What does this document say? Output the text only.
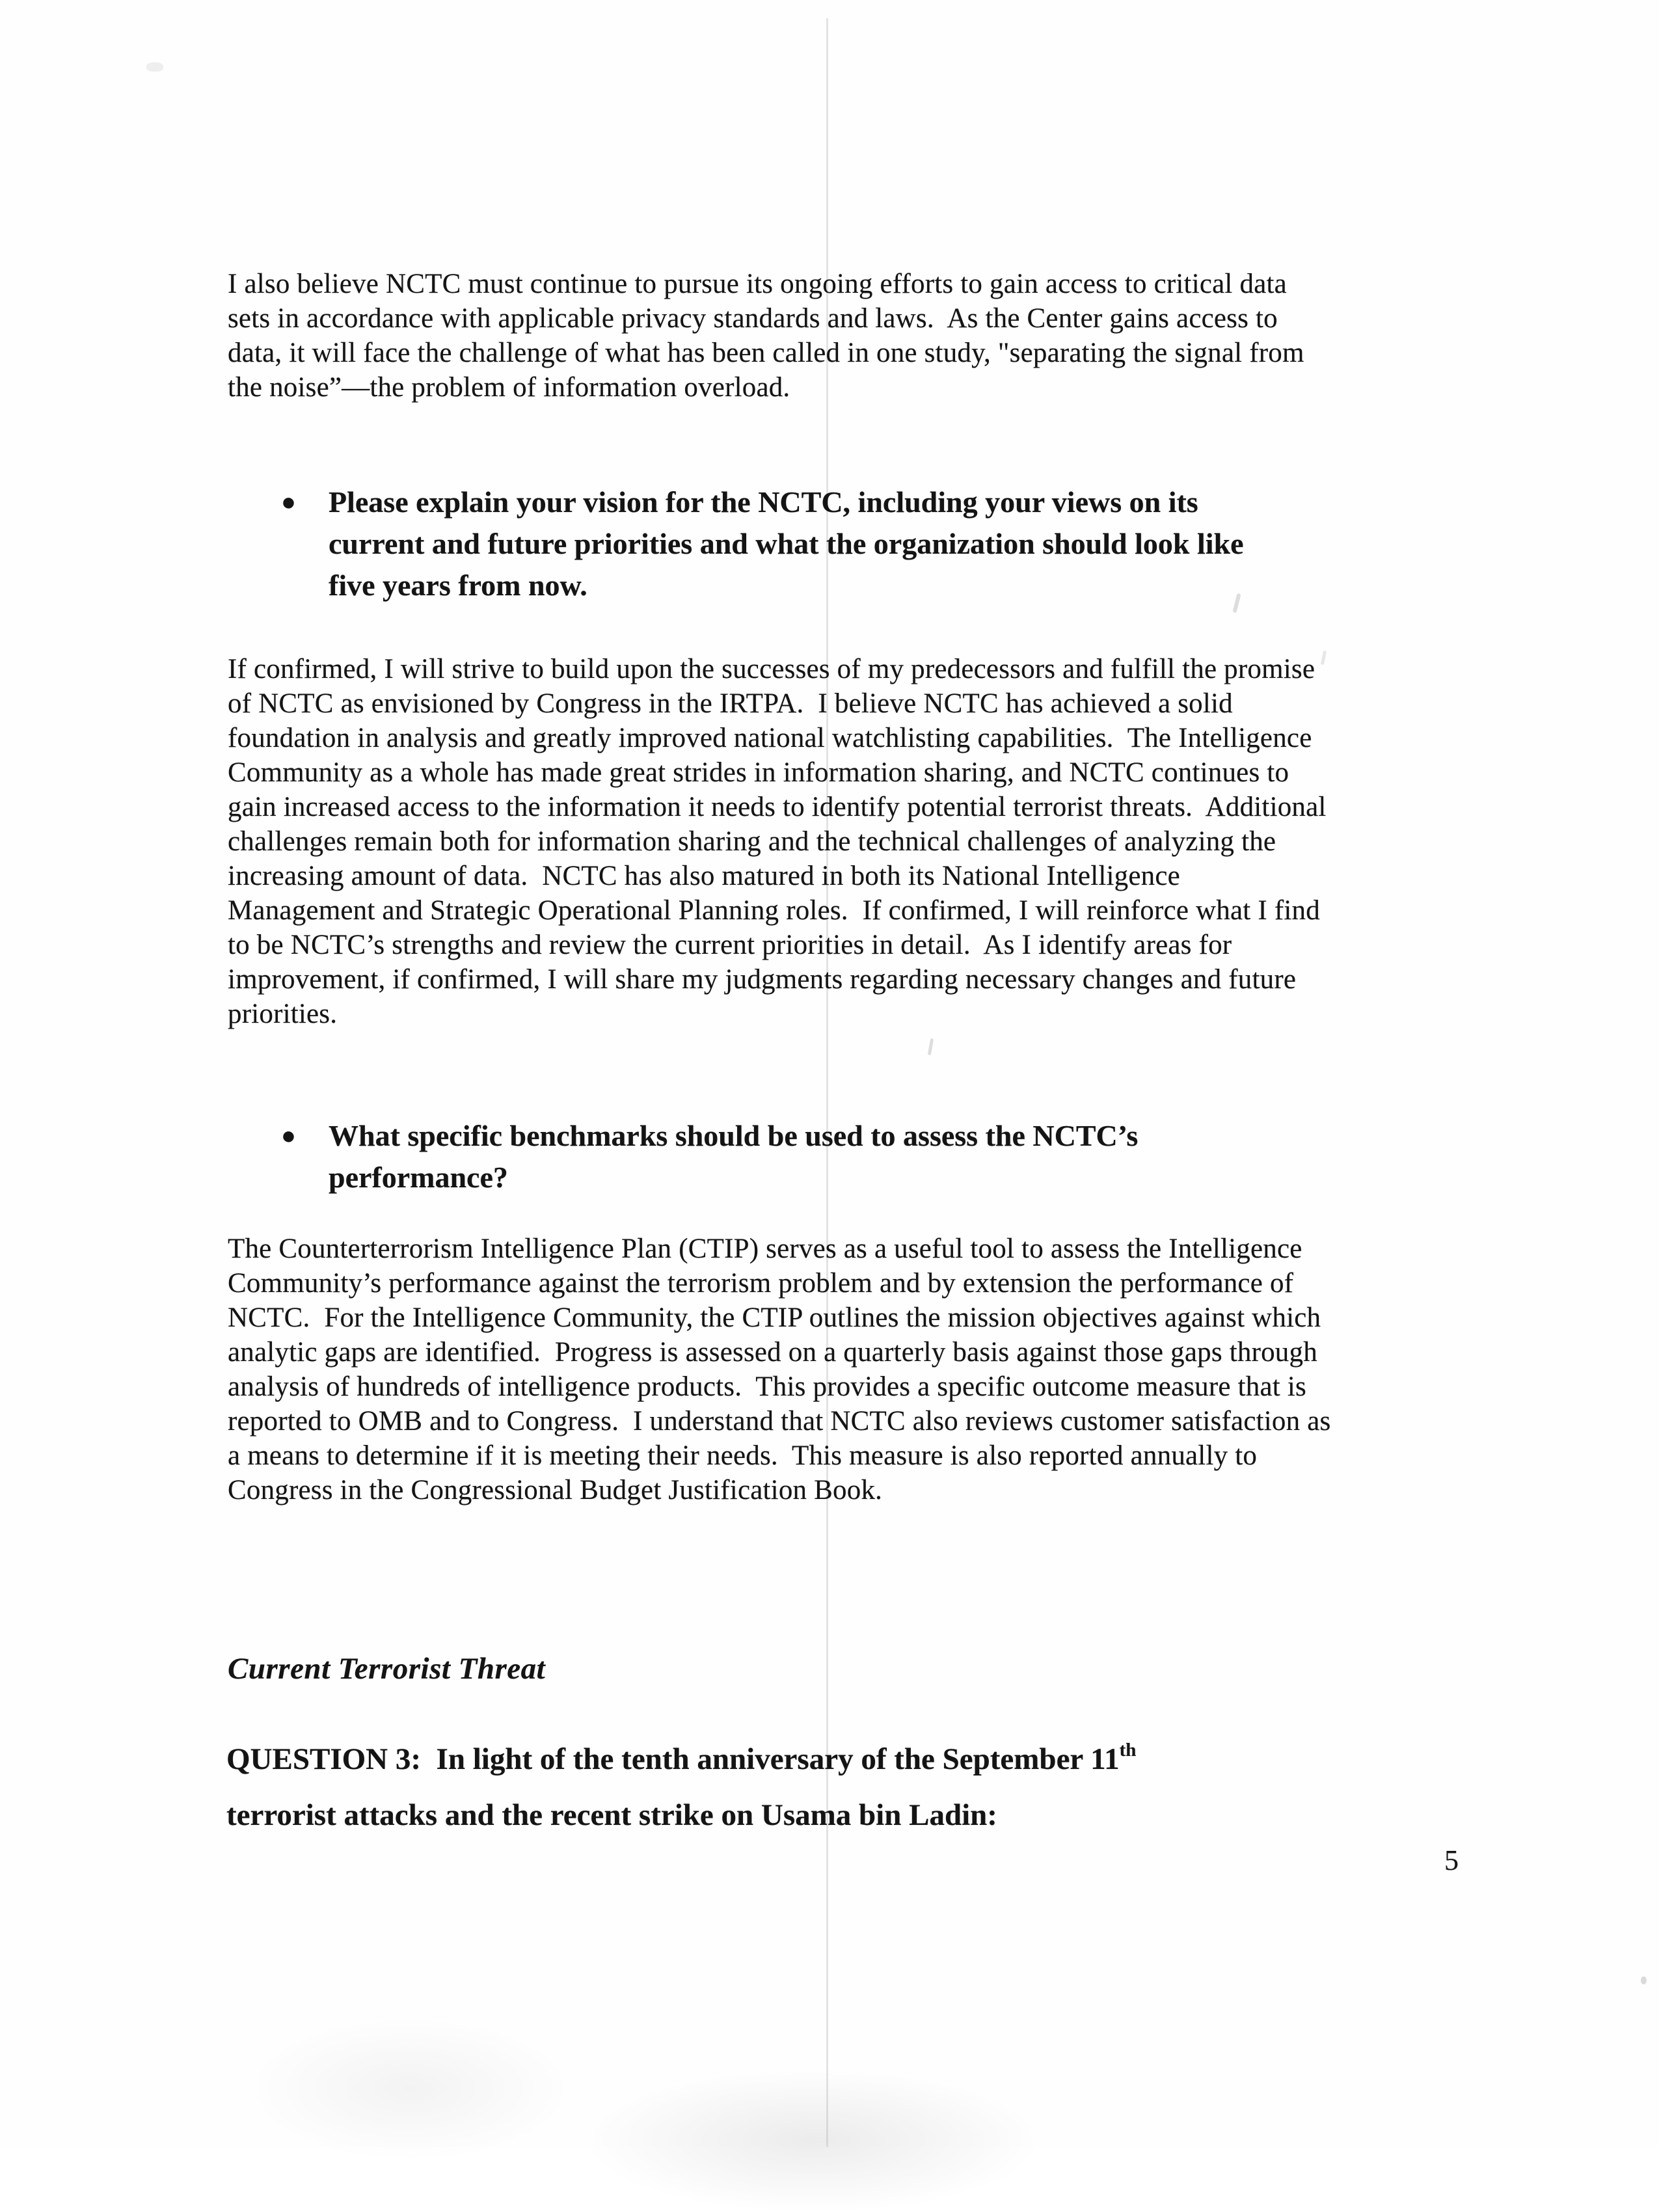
I also believe NCTC must continue to pursue its ongoing efforts to gain access to critical data
sets in accordance with applicable privacy standards and laws.  As the Center gains access to
data, it will face the challenge of what has been called in one study, "separating the signal from
the noise”—the problem of information overload.
●	Please explain your vision for the NCTC, including your views on its
current and future priorities and what the organization should look like
five years from now.
If confirmed, I will strive to build upon the successes of my predecessors and fulfill the promise
of NCTC as envisioned by Congress in the IRTPA.  I believe NCTC has achieved a solid
foundation in analysis and greatly improved national watchlisting capabilities.  The Intelligence
Community as a whole has made great strides in information sharing, and NCTC continues to
gain increased access to the information it needs to identify potential terrorist threats.  Additional
challenges remain both for information sharing and the technical challenges of analyzing the
increasing amount of data.  NCTC has also matured in both its National Intelligence
Management and Strategic Operational Planning roles.  If confirmed, I will reinforce what I find
to be NCTC’s strengths and review the current priorities in detail.  As I identify areas for
improvement, if confirmed, I will share my judgments regarding necessary changes and future
priorities.
●	What specific benchmarks should be used to assess the NCTC’s
performance?
The Counterterrorism Intelligence Plan (CTIP) serves as a useful tool to assess the Intelligence
Community’s performance against the terrorism problem and by extension the performance of
NCTC.  For the Intelligence Community, the CTIP outlines the mission objectives against which
analytic gaps are identified.  Progress is assessed on a quarterly basis against those gaps through
analysis of hundreds of intelligence products.  This provides a specific outcome measure that is
reported to OMB and to Congress.  I understand that NCTC also reviews customer satisfaction as
a means to determine if it is meeting their needs.  This measure is also reported annually to
Congress in the Congressional Budget Justification Book.
Current Terrorist Threat
QUESTION 3:  In light of the tenth anniversary of the September 11th
terrorist attacks and the recent strike on Usama bin Ladin:
5
